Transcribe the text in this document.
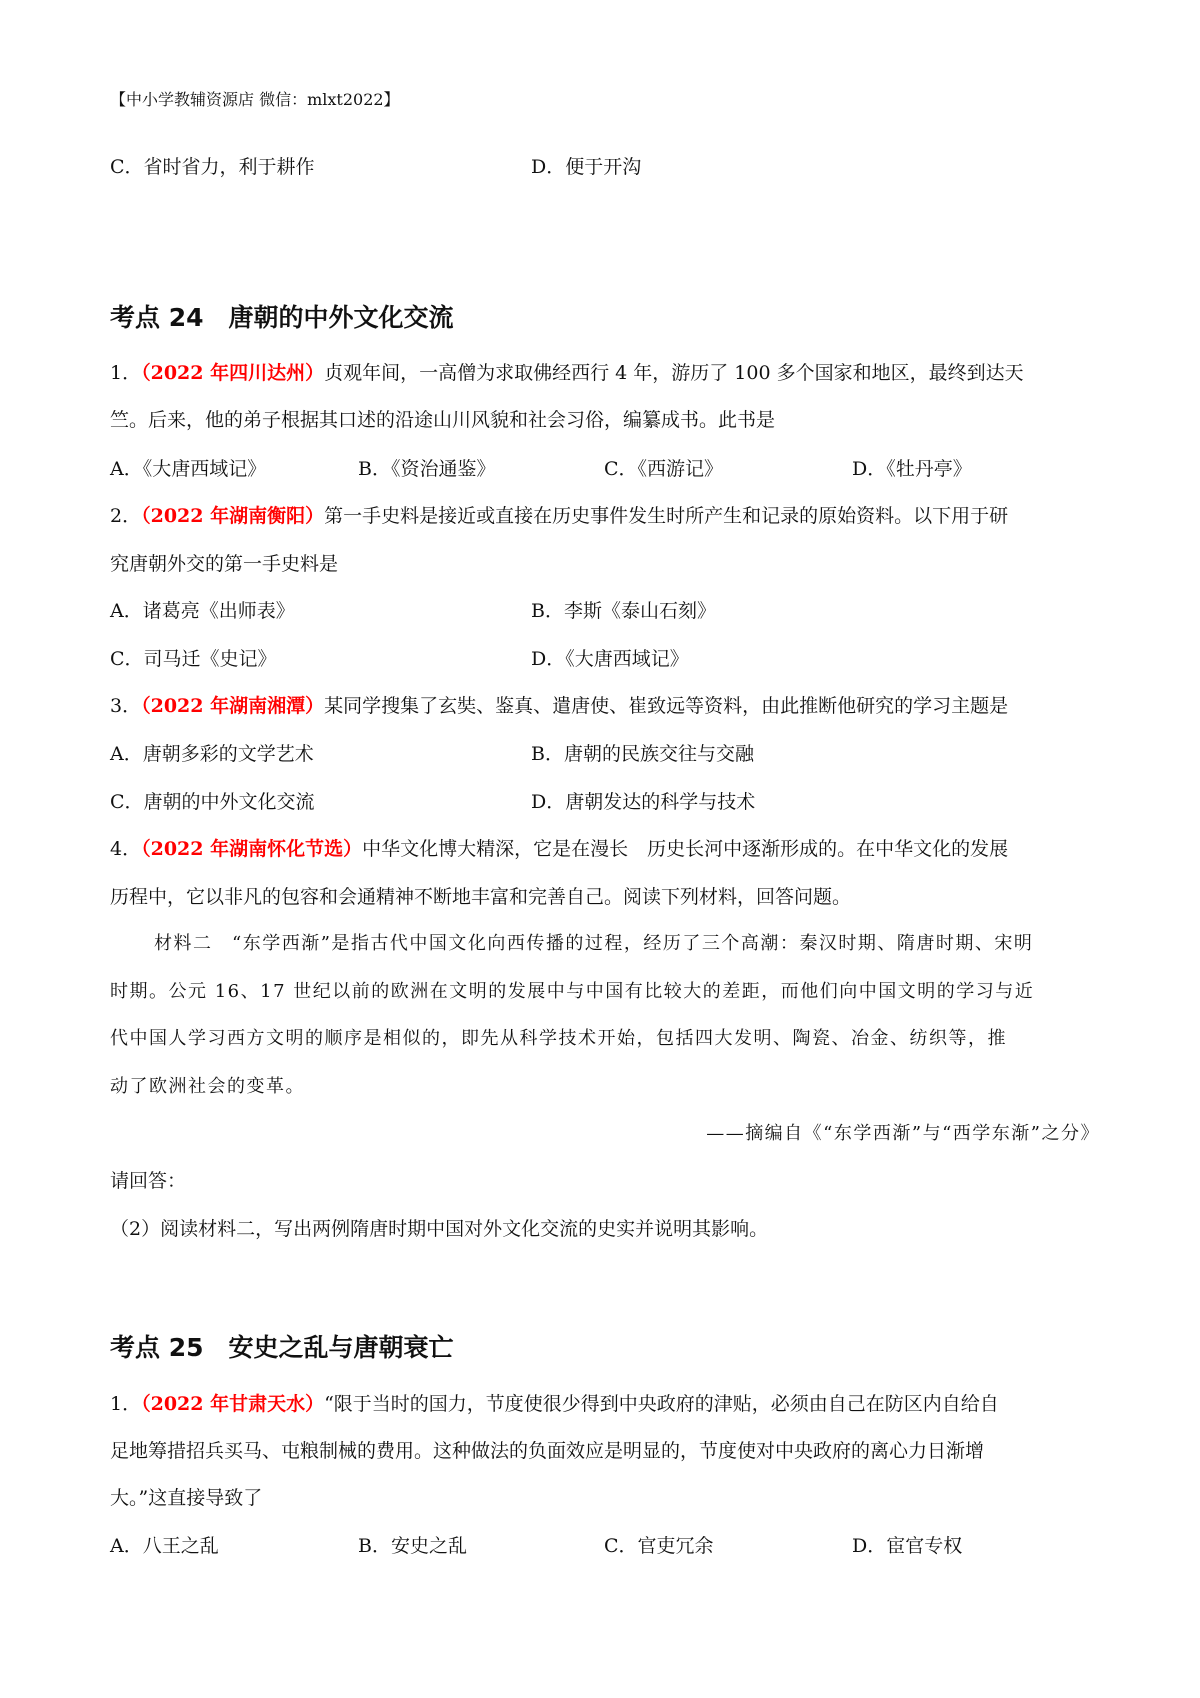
【中小学教辅资源店 微信：mlxt2022】
C．省时省力，利于耕作	D．便于开沟
考点 24　唐朝的中外文化交流
1．（2022 年四川达州）贞观年间，一高僧为求取佛经西行 4 年，游历了 100 多个国家和地区，最终到达天
竺。后来，他的弟子根据其口述的沿途山川风貌和社会习俗，编纂成书。此书是
A．《大唐西域记》	B．《资治通鉴》	C．《西游记》	D．《牡丹亭》
2．（2022 年湖南衡阳）第一手史料是接近或直接在历史事件发生时所产生和记录的原始资料。以下用于研
究唐朝外交的第一手史料是
A．诸葛亮《出师表》	B．李斯《泰山石刻》
C．司马迁《史记》	D．《大唐西域记》
3．（2022 年湖南湘潭）某同学搜集了玄奘、鉴真、遣唐使、崔致远等资料，由此推断他研究的学习主题是
A．唐朝多彩的文学艺术	B．唐朝的民族交往与交融
C．唐朝的中外文化交流	D．唐朝发达的科学与技术
4．（2022 年湖南怀化节选）中华文化博大精深，它是在漫长　历史长河中逐渐形成的。在中华文化的发展
历程中，它以非凡的包容和会通精神不断地丰富和完善自己。阅读下列材料，回答问题。
材料二　“东学西渐”是指古代中国文化向西传播的过程，经历了三个高潮：秦汉时期、隋唐时期、宋明
时期。公元 16、17 世纪以前的欧洲在文明的发展中与中国有比较大的差距，而他们向中国文明的学习与近
代中国人学习西方文明的顺序是相似的，即先从科学技术开始，包括四大发明、陶瓷、冶金、纺织等，推
动了欧洲社会的变革。
——摘编自《“东学西渐”与“西学东渐”之分》
请回答：
（2）阅读材料二，写出两例隋唐时期中国对外文化交流的史实并说明其影响。
考点 25　安史之乱与唐朝衰亡
1．（2022 年甘肃天水）“限于当时的国力，节度使很少得到中央政府的津贴，必须由自己在防区内自给自
足地筹措招兵买马、屯粮制械的费用。这种做法的负面效应是明显的，节度使对中央政府的离心力日渐增
大。”这直接导致了
A．八王之乱	B．安史之乱	C．官吏冗余	D．宦官专权
